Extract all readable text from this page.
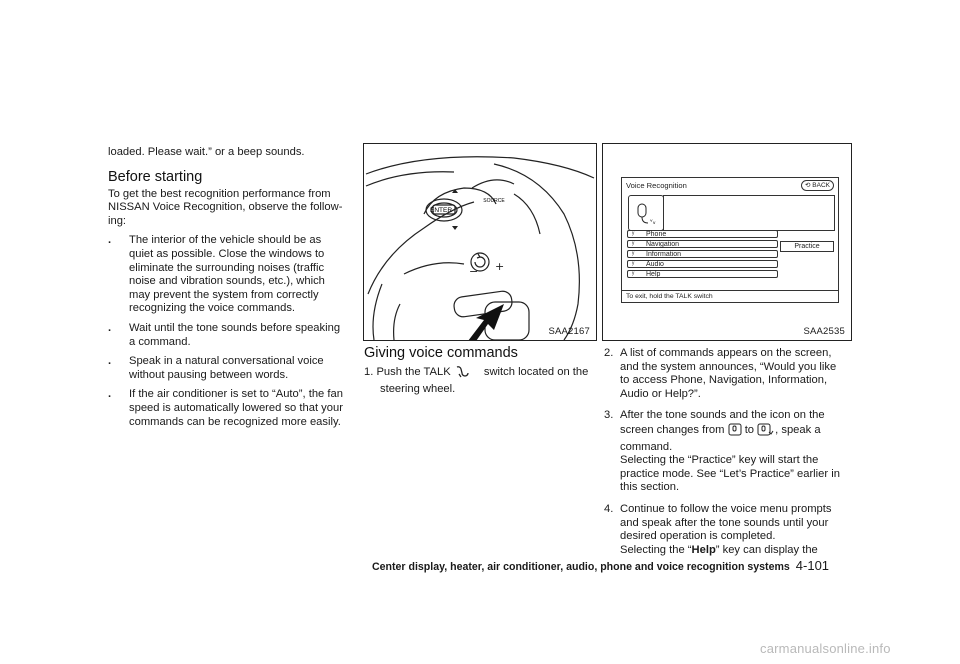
loaded. Please wait.” or a beep sounds.

Before starting

To get the best recognition performance from NISSAN Voice Recognition, observe the follow-ing:

. The interior of the vehicle should be as quiet as possible. Close the windows to eliminate the surrounding noises (traffic noise and vibration sounds, etc.), which may prevent the system from correctly recognizing the voice commands.
. Wait until the tone sounds before speaking a command.
. Speak in a natural conversational voice without pausing between words.
. If the air conditioner is set to “Auto”, the fan speed is automatically lowered so that your commands can be recognized more easily.
− +
ENTER
SOURCE
SAA2167
Giving voice commands

1. Push the TALK	switch located on the
steering wheel.

SAA2535
Voice Recognition	⟲ BACK
ᵛᵥ
ʸ Phone
ʸ Navigation
ʸ Information
ʸ Audio
ʸ Help
Practice
To exit, hold the TALK switch
2. A list of commands appears on the screen, and the system announces, “Would you like to access Phone, Navigation, Information, Audio or Help?”.
3. After the tone sounds and the icon on the screen changes from to , speak a command.

Selecting the “Practice” key will start the practice mode. See “Let’s Practice” earlier in this section.

4. Continue to follow the voice menu prompts and speak after the tone sounds until your desired operation is completed.

Selecting the “Help” key can display the

Center display, heater, air conditioner, audio, phone and voice recognition systems 4-101
carmanualsonline.info
